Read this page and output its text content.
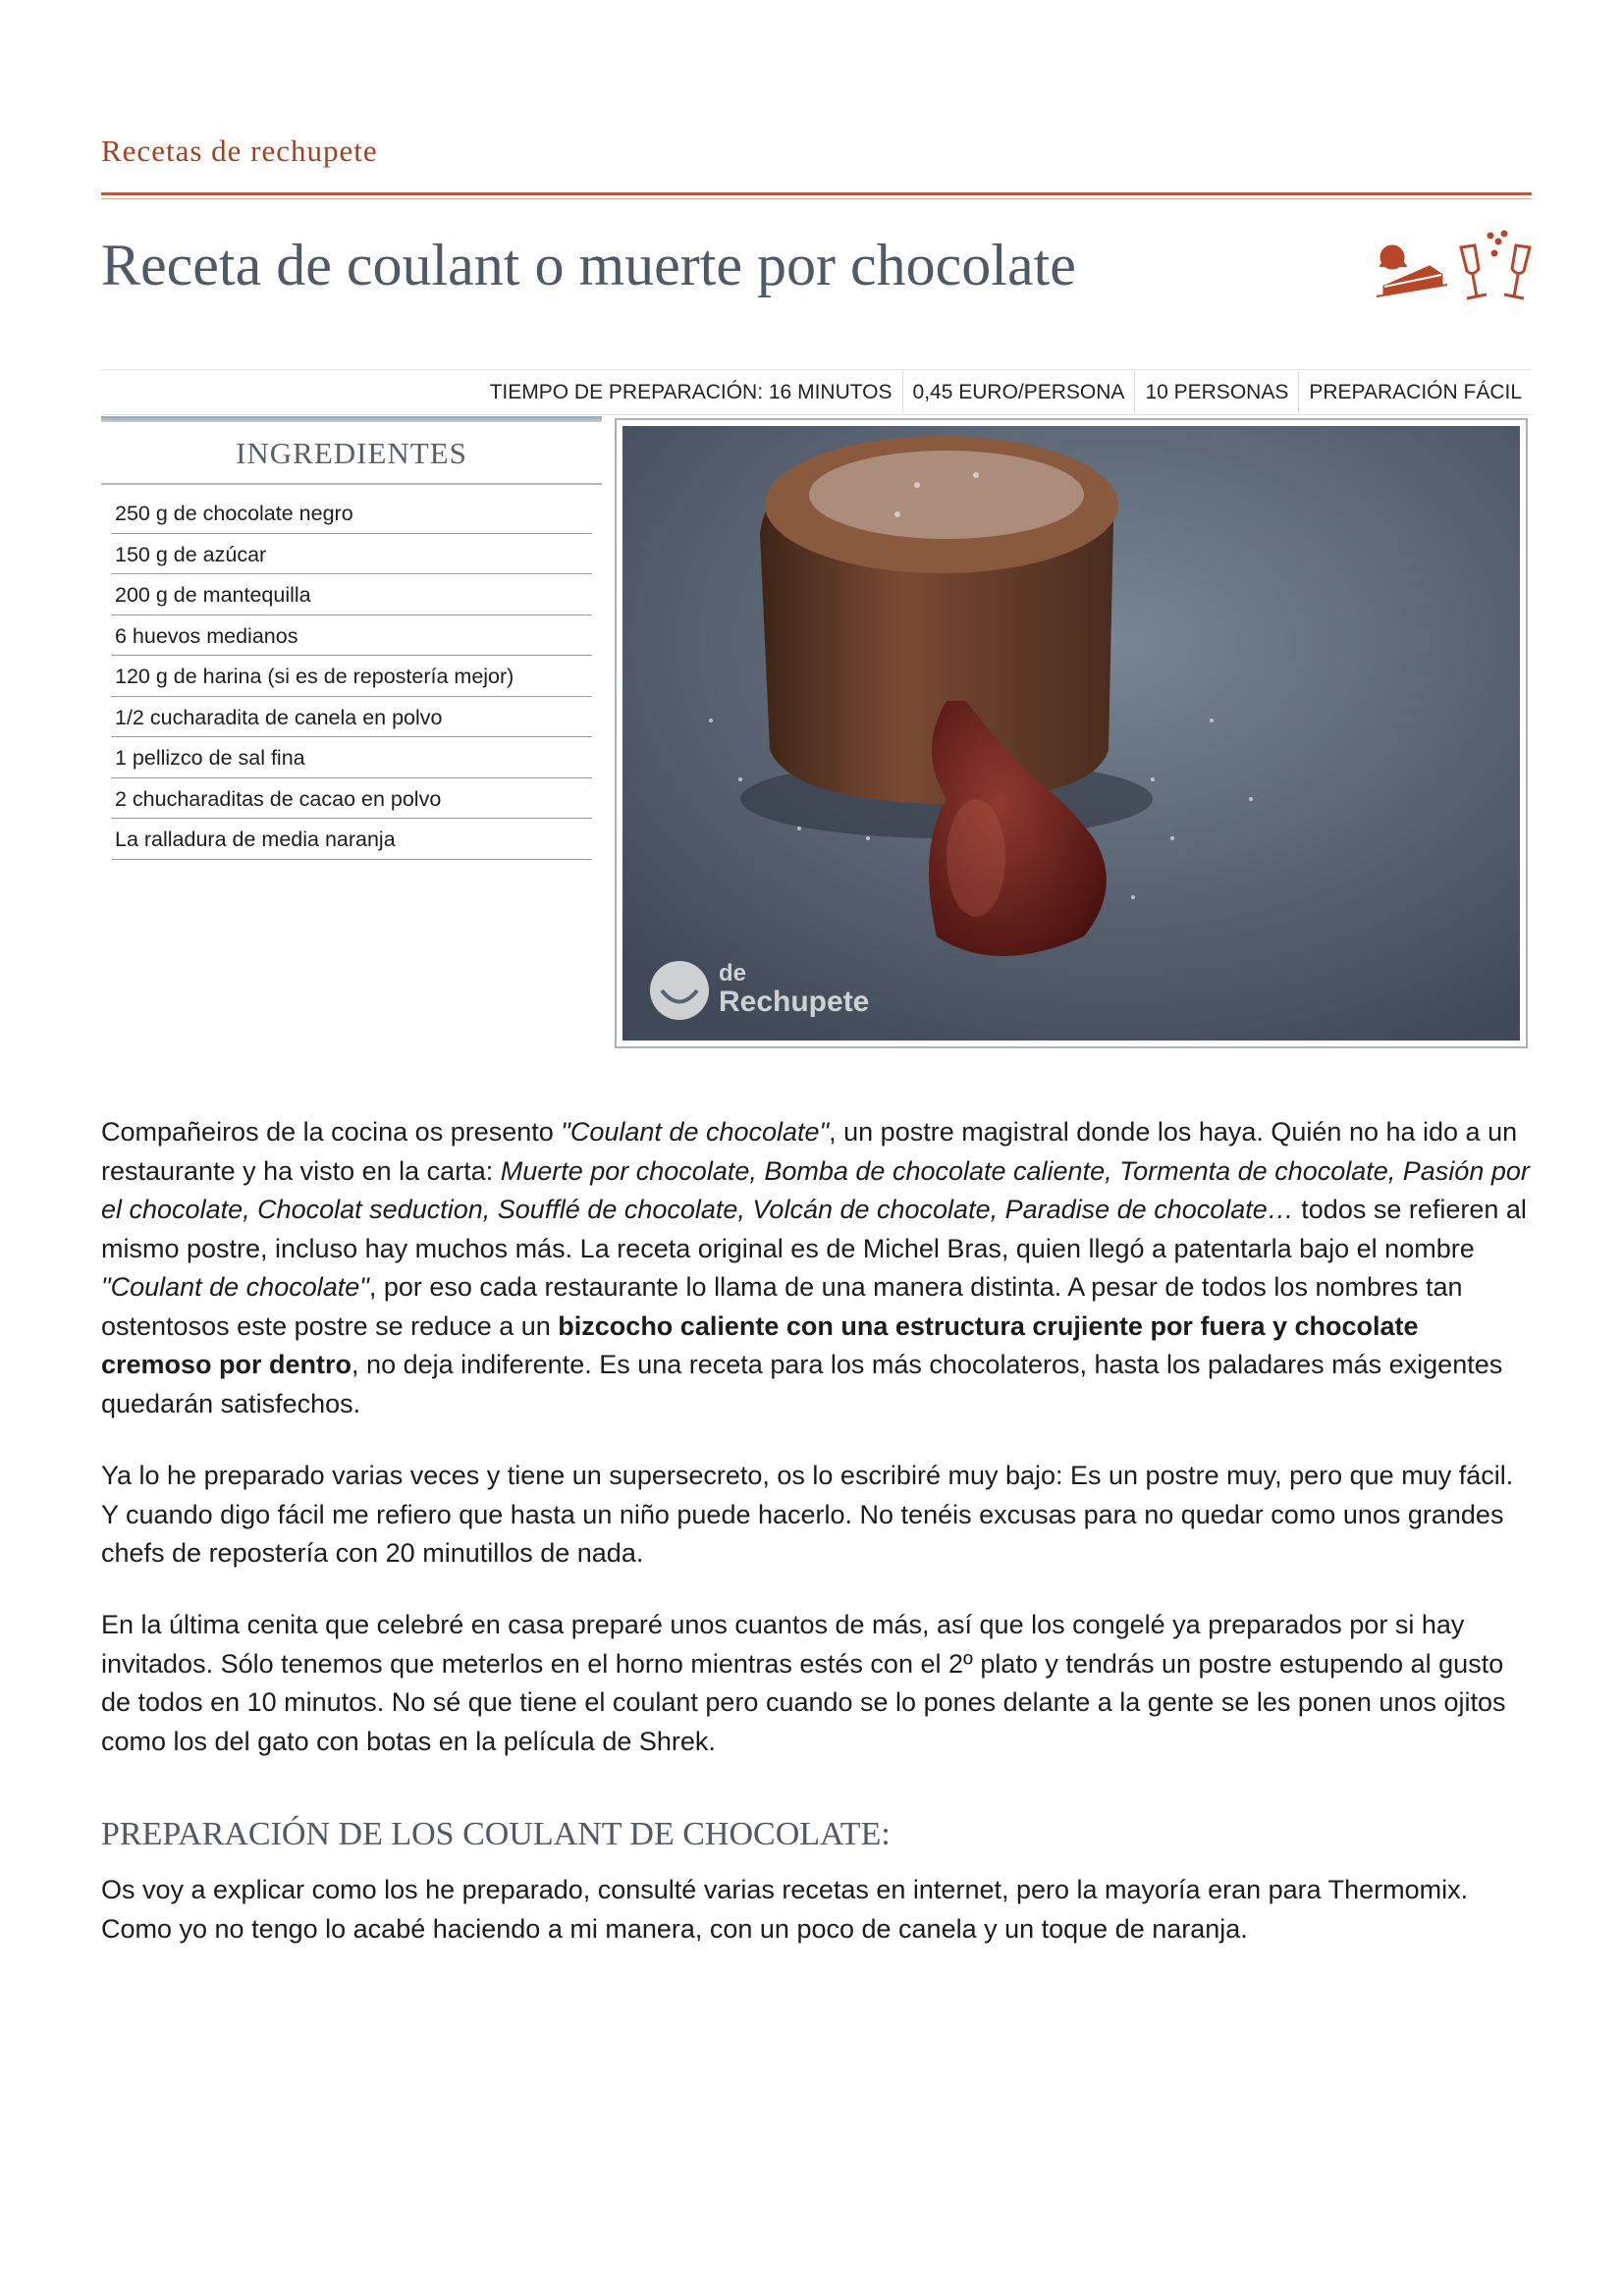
Recetas de rechupete
Receta de coulant o muerte por chocolate
TIEMPO DE PREPARACIÓN: 16 MINUTOS	0,45 EURO/PERSONA	10 PERSONAS	PREPARACIÓN FÁCIL
INGREDIENTES
250 g de chocolate negro
150 g de azúcar
200 g de mantequilla
6 huevos medianos
120 g de harina (si es de repostería mejor)
1/2 cucharadita de canela en polvo
1 pellizco de sal fina
2 chucharaditas de cacao en polvo
La ralladura de media naranja
de
Rechupete

Compañeiros de la cocina os presento "Coulant de chocolate", un postre magistral donde los haya. Quién no ha ido a un restaurante y ha visto en la carta: Muerte por chocolate, Bomba de chocolate caliente, Tormenta de chocolate, Pasión por el chocolate, Chocolat seduction, Soufflé de chocolate, Volcán de chocolate, Paradise de chocolate… todos se refieren al mismo postre, incluso hay muchos más. La receta original es de Michel Bras, quien llegó a patentarla bajo el nombre "Coulant de chocolate", por eso cada restaurante lo llama de una manera distinta. A pesar de todos los nombres tan ostentosos este postre se reduce a un bizcocho caliente con una estructura crujiente por fuera y chocolate cremoso por dentro, no deja indiferente. Es una receta para los más chocolateros, hasta los paladares más exigentes quedarán satisfechos.

Ya lo he preparado varias veces y tiene un supersecreto, os lo escribiré muy bajo: Es un postre muy, pero que muy fácil. Y cuando digo fácil me refiero que hasta un niño puede hacerlo. No tenéis excusas para no quedar como unos grandes chefs de repostería con 20 minutillos de nada.

En la última cenita que celebré en casa preparé unos cuantos de más, así que los congelé ya preparados por si hay invitados. Sólo tenemos que meterlos en el horno mientras estés con el 2º plato y tendrás un postre estupendo al gusto de todos en 10 minutos. No sé que tiene el coulant pero cuando se lo pones delante a la gente se les ponen unos ojitos como los del gato con botas en la película de Shrek.

PREPARACIÓN DE LOS COULANT DE CHOCOLATE:

Os voy a explicar como los he preparado, consulté varias recetas en internet, pero la mayoría eran para Thermomix. Como yo no tengo lo acabé haciendo a mi manera, con un poco de canela y un toque de naranja.
